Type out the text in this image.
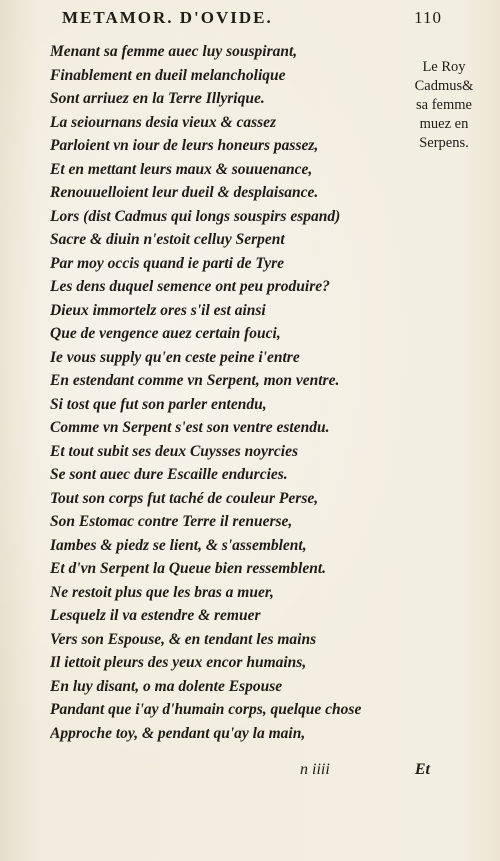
METAMOR. D'OVIDE.	110
Menant sa femme auec luy souspirant,
Finablement en dueil melancholique
Sont arriuez en la Terre Illyrique.
La seiournans desia vieux & cassez
Parloient vn iour de leurs honeurs passez,
Et en mettant leurs maux & souuenance,
Renouuelloient leur dueil & desplaisance.
Lors (dist Cadmus qui longs souspirs espand)
Sacre & diuin n'estoit celluy Serpent
Par moy occis quand ie parti de Tyre
Les dens duquel semence ont peu produire?
Dieux immortelz ores s'il est ainsi
Que de vengence auez certain fouci,
Ie vous supply qu'en ceste peine i'entre
En estendant comme vn Serpent, mon ventre.
Si tost que fut son parler entendu,
Comme vn Serpent s'est son ventre estendu.
Et tout subit ses deux Cuysses noyrcies
Se sont auec dure Escaille endurcies.
Tout son corps fut taché de couleur Perse,
Son Estomac contre Terre il renuerse,
Iambes & piedz se lient, & s'assemblent,
Et d'vn Serpent la Queue bien ressemblent.
Ne restoit plus que les bras a muer,
Lesquelz il va estendre & remuer
Vers son Espouse, & en tendant les mains
Il iettoit pleurs des yeux encor humains,
En luy disant, o ma dolente Espouse
Pandant que i'ay d'humain corps, quelque chose
Approche toy, & pendant qu'ay la main,
Le Roy
Cadmus&
sa femme
muez en
Serpens.
n iiii	Et
